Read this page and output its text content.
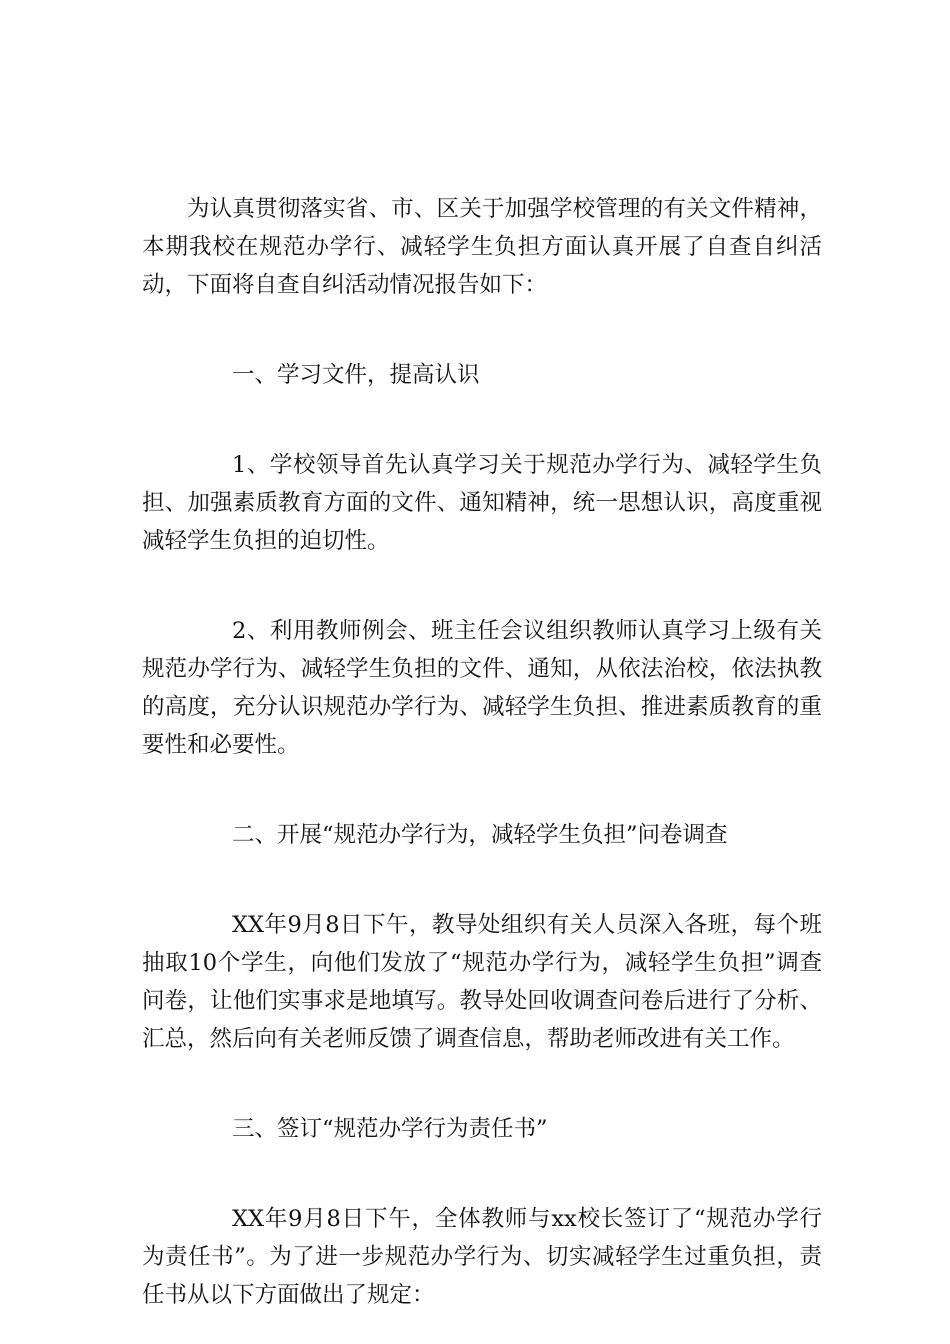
为认真贯彻落实省、市、区关于加强学校管理的有关文件精神，本期我校在规范办学行、减轻学生负担方面认真开展了自查自纠活动，下面将自查自纠活动情况报告如下：

一、学习文件，提高认识

1、学校领导首先认真学习关于规范办学行为、减轻学生负担、加强素质教育方面的文件、通知精神，统一思想认识，高度重视减轻学生负担的迫切性。

2、利用教师例会、班主任会议组织教师认真学习上级有关规范办学行为、减轻学生负担的文件、通知，从依法治校，依法执教的高度，充分认识规范办学行为、减轻学生负担、推进素质教育的重要性和必要性。

二、开展“规范办学行为，减轻学生负担”问卷调查

XX年9月8日下午，教导处组织有关人员深入各班，每个班抽取10个学生，向他们发放了“规范办学行为，减轻学生负担”调查问卷，让他们实事求是地填写。教导处回收调查问卷后进行了分析、汇总，然后向有关老师反馈了调查信息，帮助老师改进有关工作。

三、签订“规范办学行为责任书”

XX年9月8日下午，全体教师与xx校长签订了“规范办学行为责任书”。为了进一步规范办学行为、切实减轻学生过重负担，责任书从以下方面做出了规定：
